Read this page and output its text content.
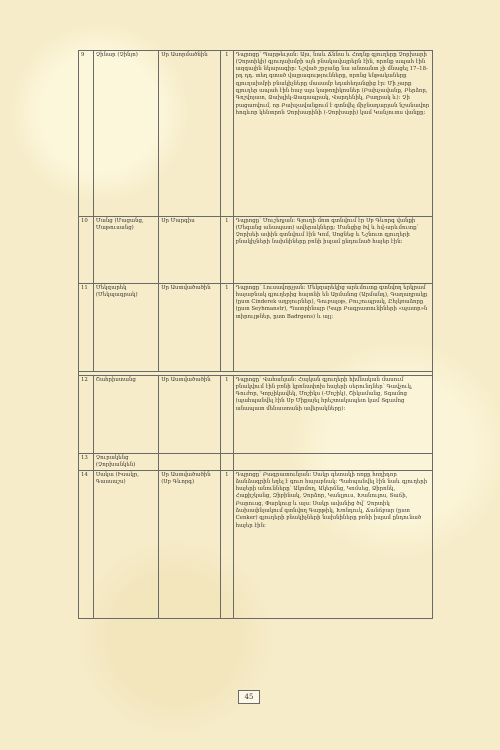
9	Չինար (Չինյո)	Սր Ասորմածնին	1	Դպրոցը՝ Պարթեւյան: Այս, նաև Ճննա և Հոդնք գյուղերը Չորխարի (Չորտիկի) գյուղախմբի այն բնակավայրերն էին, որոնք ապահ էին ազգային նկարագիր: Նշված շրջանը նա անտանտ չի մնացել 17–18-րդ դդ. տեղ գտած վայրագությունները, որոնց ենթակաները գյուղախմբի բնակիչները մասամբ եդահեղանցից էր: Մի չարք գյուղեր ապահ էին հաջ ալս կաթողիկոսներ (Բախչավանք, Բերձոր, Գոշվոյատ, Ձախլիկ-Ձագապրակ, Վարդենիկ, Բաղրակ և): Չի բացառվում, որ Բախչավանքում է գտնվել միջնադարյան նշանավոր հոգևոր կենտրոն Չորխարինի (-Չորխարի) կամ Կանչուտս վանքը:
10	Մանց (Մացանց, Մաթուսանց)	Սր Մարգիս	1	Դպրոցը՝ Մուշեղյան: Գյուղի մոտ գտնվում էր Սբ Գևորգ վանքի (Մեգանց անապատ) ավերակները: Մանցից ծվ և հվ-արևմուտք՝ Չորխեի ափին գտնվում էին Կոմ, Սոցնեց և Նշնուտ գյուղերի բնակիչների նախնիները բոնի իսլամ ընդունած հայեր էին:
11	Մեկզարեկ (Մեկպագրակ)	Սր Աստվածածին	1	Դպրոցը՝ Լուսավորչյան: Մեկզարեկից արևմուտք գտնվող երկրամ հայաբնակ գյուղերից հայտնի են Արմանոց (Արմանդ), Գաղաղրակը (ըստ Cinderek աղբյուրներ), Գուբալօթ, Բուշուպրակ, Ըհյկռաձորը (ըստ Seyhmanstr), Պատրինայր (Կպր Բագրատունիների «պատր»ն տիրույթներ, ըստ Badrgens) և այլ:

12	Շահրիստանց	Սր Աստվածածին	1	Դպրոցը՝ Վահանյան: Հայկան գյուղերի հիմնական մասում բնակվում էին բռնի կրոնափոխ հայերի սերունդներ՝ Գավչուկ, Գուժոր, Կորչիկավեկ, Մոշիկս (-Մոշիկ), Շիկամանց, Տգամոց (պահպանվել էին Սբ Միքայել հրեշտակապետ կամ Տգամոց անապատ մենաստանի ավերակները):
13	Չուրակենց (Չորխանկեն)			
14	Սակա (Իսակր, Գասսաշս)	Սր Աստվածածին (Սբ Գևորգ)	1	Դպրոցը՝ Բագրատունյան: Սակր գետակի ոռքը հողիդոր ձանձագրին եղել է գուռ հայաբնակ: Պահպանվել էին նաև գյուղերի հայերի անունները՝ Ակոմող, Ակերճնց, Կոմսեց, Ձիրոնկ, Հաքիշկանց, Զիբինակ, Չորձոր, Կանլյուս, Խանուլոս, Տաճի, Բարուսց, Փարկուց և այս: Սակր ավանից ծվ՝ Չորտիկ ձախափնյակում գտնվող Գարթիկ, Խոնդուկ, Ճանճբար (ըստ Cenker) գյուղերի բնակիչների նախնիները բռնի իսլամ ընդունած հայեր էին:
45
